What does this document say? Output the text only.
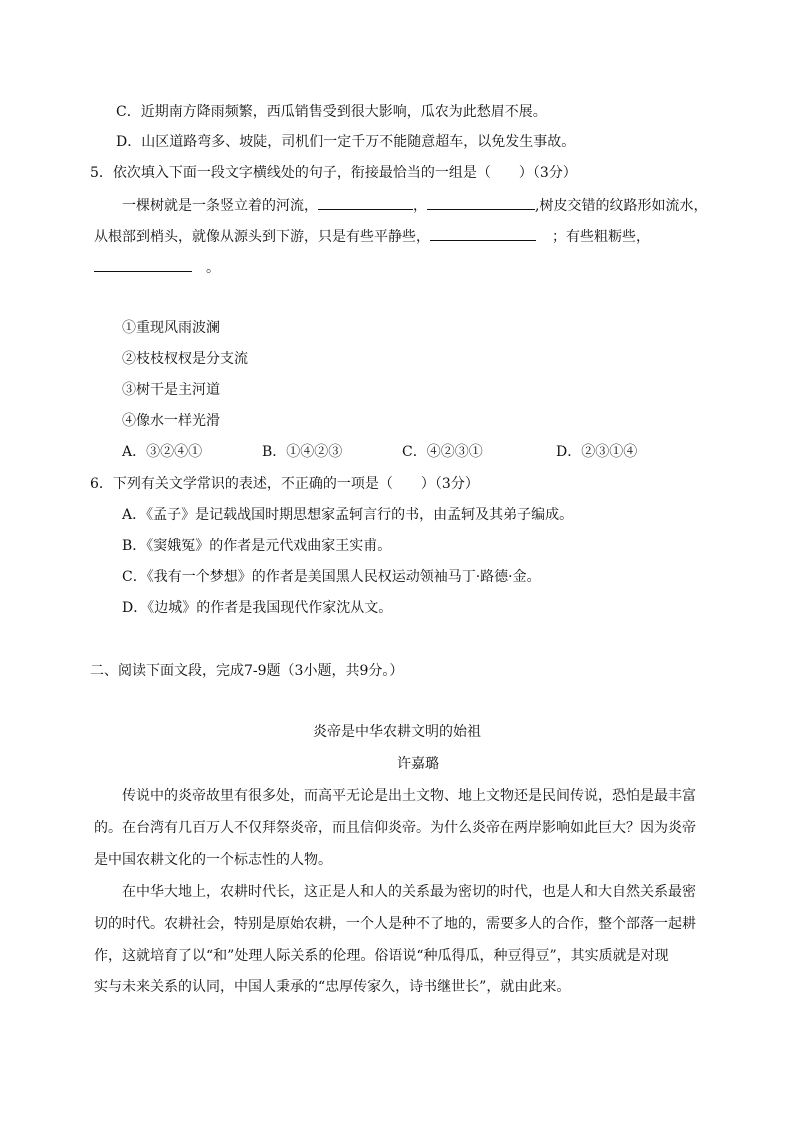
C．近期南方降雨频繁，西瓜销售受到很大影响，瓜农为此愁眉不展。
D．山区道路弯多、坡陡，司机们一定千万不能随意超车，以免发生事故。
5．依次填入下面一段文字横线处的句子，衔接最恰当的一组是（　　）（3分）
一棵树就是一条竖立着的河流，	，	,树皮交错的纹路形如流水，
从根部到梢头，就像从源头到下游，只是有些平静些，	；有些粗粝些，
。
①重现风雨波澜
②枝枝杈杈是分支流
③树干是主河道
④像水一样光滑
A．③②④①	B．①④②③	C．④②③①	D．②③①④
6．下列有关文学常识的表述，不正确的一项是（　　）（3分）
A．《孟子》是记载战国时期思想家孟轲言行的书，由孟轲及其弟子编成。
B．《窦娥冤》的作者是元代戏曲家王实甫。
C．《我有一个梦想》的作者是美国黑人民权运动领袖马丁·路德·金。
D．《边城》的作者是我国现代作家沈从文。
二、阅读下面文段，完成7-9题（3小题，共9分。）
炎帝是中华农耕文明的始祖
许嘉璐
传说中的炎帝故里有很多处，而高平无论是出土文物、地上文物还是民间传说，恐怕是最丰富
的。在台湾有几百万人不仅拜祭炎帝，而且信仰炎帝。为什么炎帝在两岸影响如此巨大？因为炎帝
是中国农耕文化的一个标志性的人物。
在中华大地上，农耕时代长，这正是人和人的关系最为密切的时代，也是人和大自然关系最密
切的时代。农耕社会，特别是原始农耕，一个人是种不了地的，需要多人的合作，整个部落一起耕
作，这就培育了以“和”处理人际关系的伦理。俗语说“种瓜得瓜，种豆得豆”，其实质就是对现
实与未来关系的认同，中国人秉承的“忠厚传家久，诗书继世长”，就由此来。
